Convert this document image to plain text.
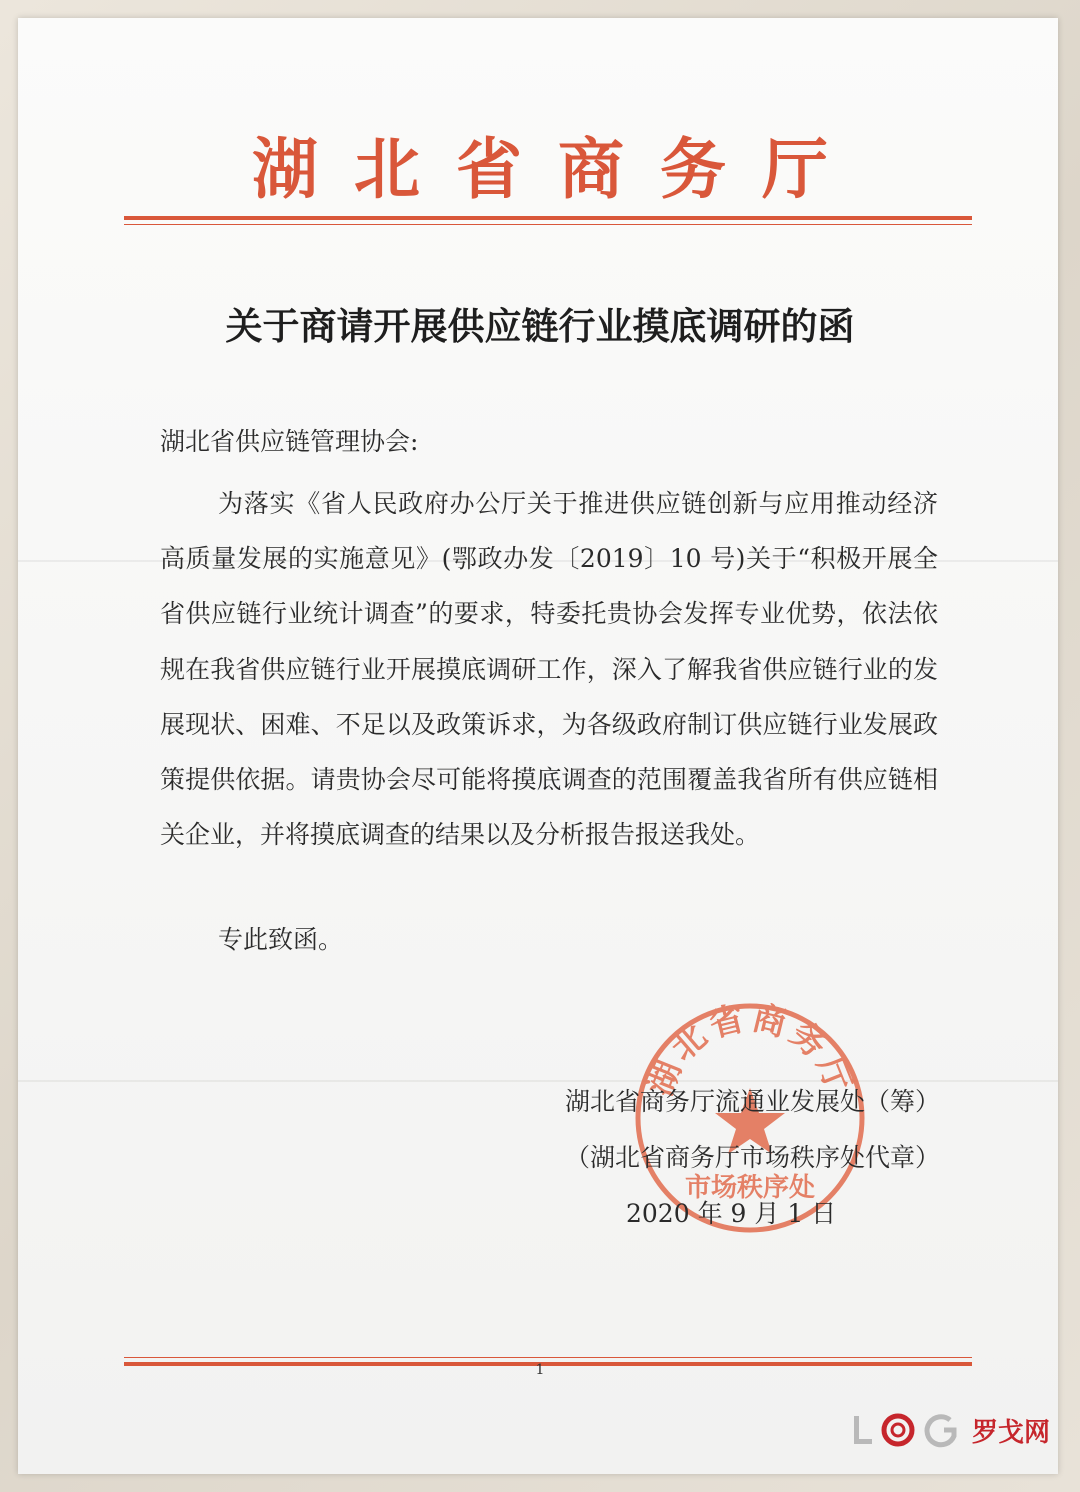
湖北省商务厅
关于商请开展供应链行业摸底调研的函
湖北省供应链管理协会:
为落实《省人民政府办公厅关于推进供应链创新与应用推动经济高质量发展的实施意见》(鄂政办发〔2019〕10 号)关于“积极开展全省供应链行业统计调查”的要求，特委托贵协会发挥专业优势，依法依规在我省供应链行业开展摸底调研工作，深入了解我省供应链行业的发展现状、困难、不足以及政策诉求，为各级政府制订供应链行业发展政策提供依据。请贵协会尽可能将摸底调查的范围覆盖我省所有供应链相关企业，并将摸底调查的结果以及分析报告报送我处。
专此致函。
湖北省商务厅
市场秩序处
湖北省商务厅流通业发展处（筹）
（湖北省商务厅市场秩序处代章）
2020 年 9 月 1 日
1
罗戈网
